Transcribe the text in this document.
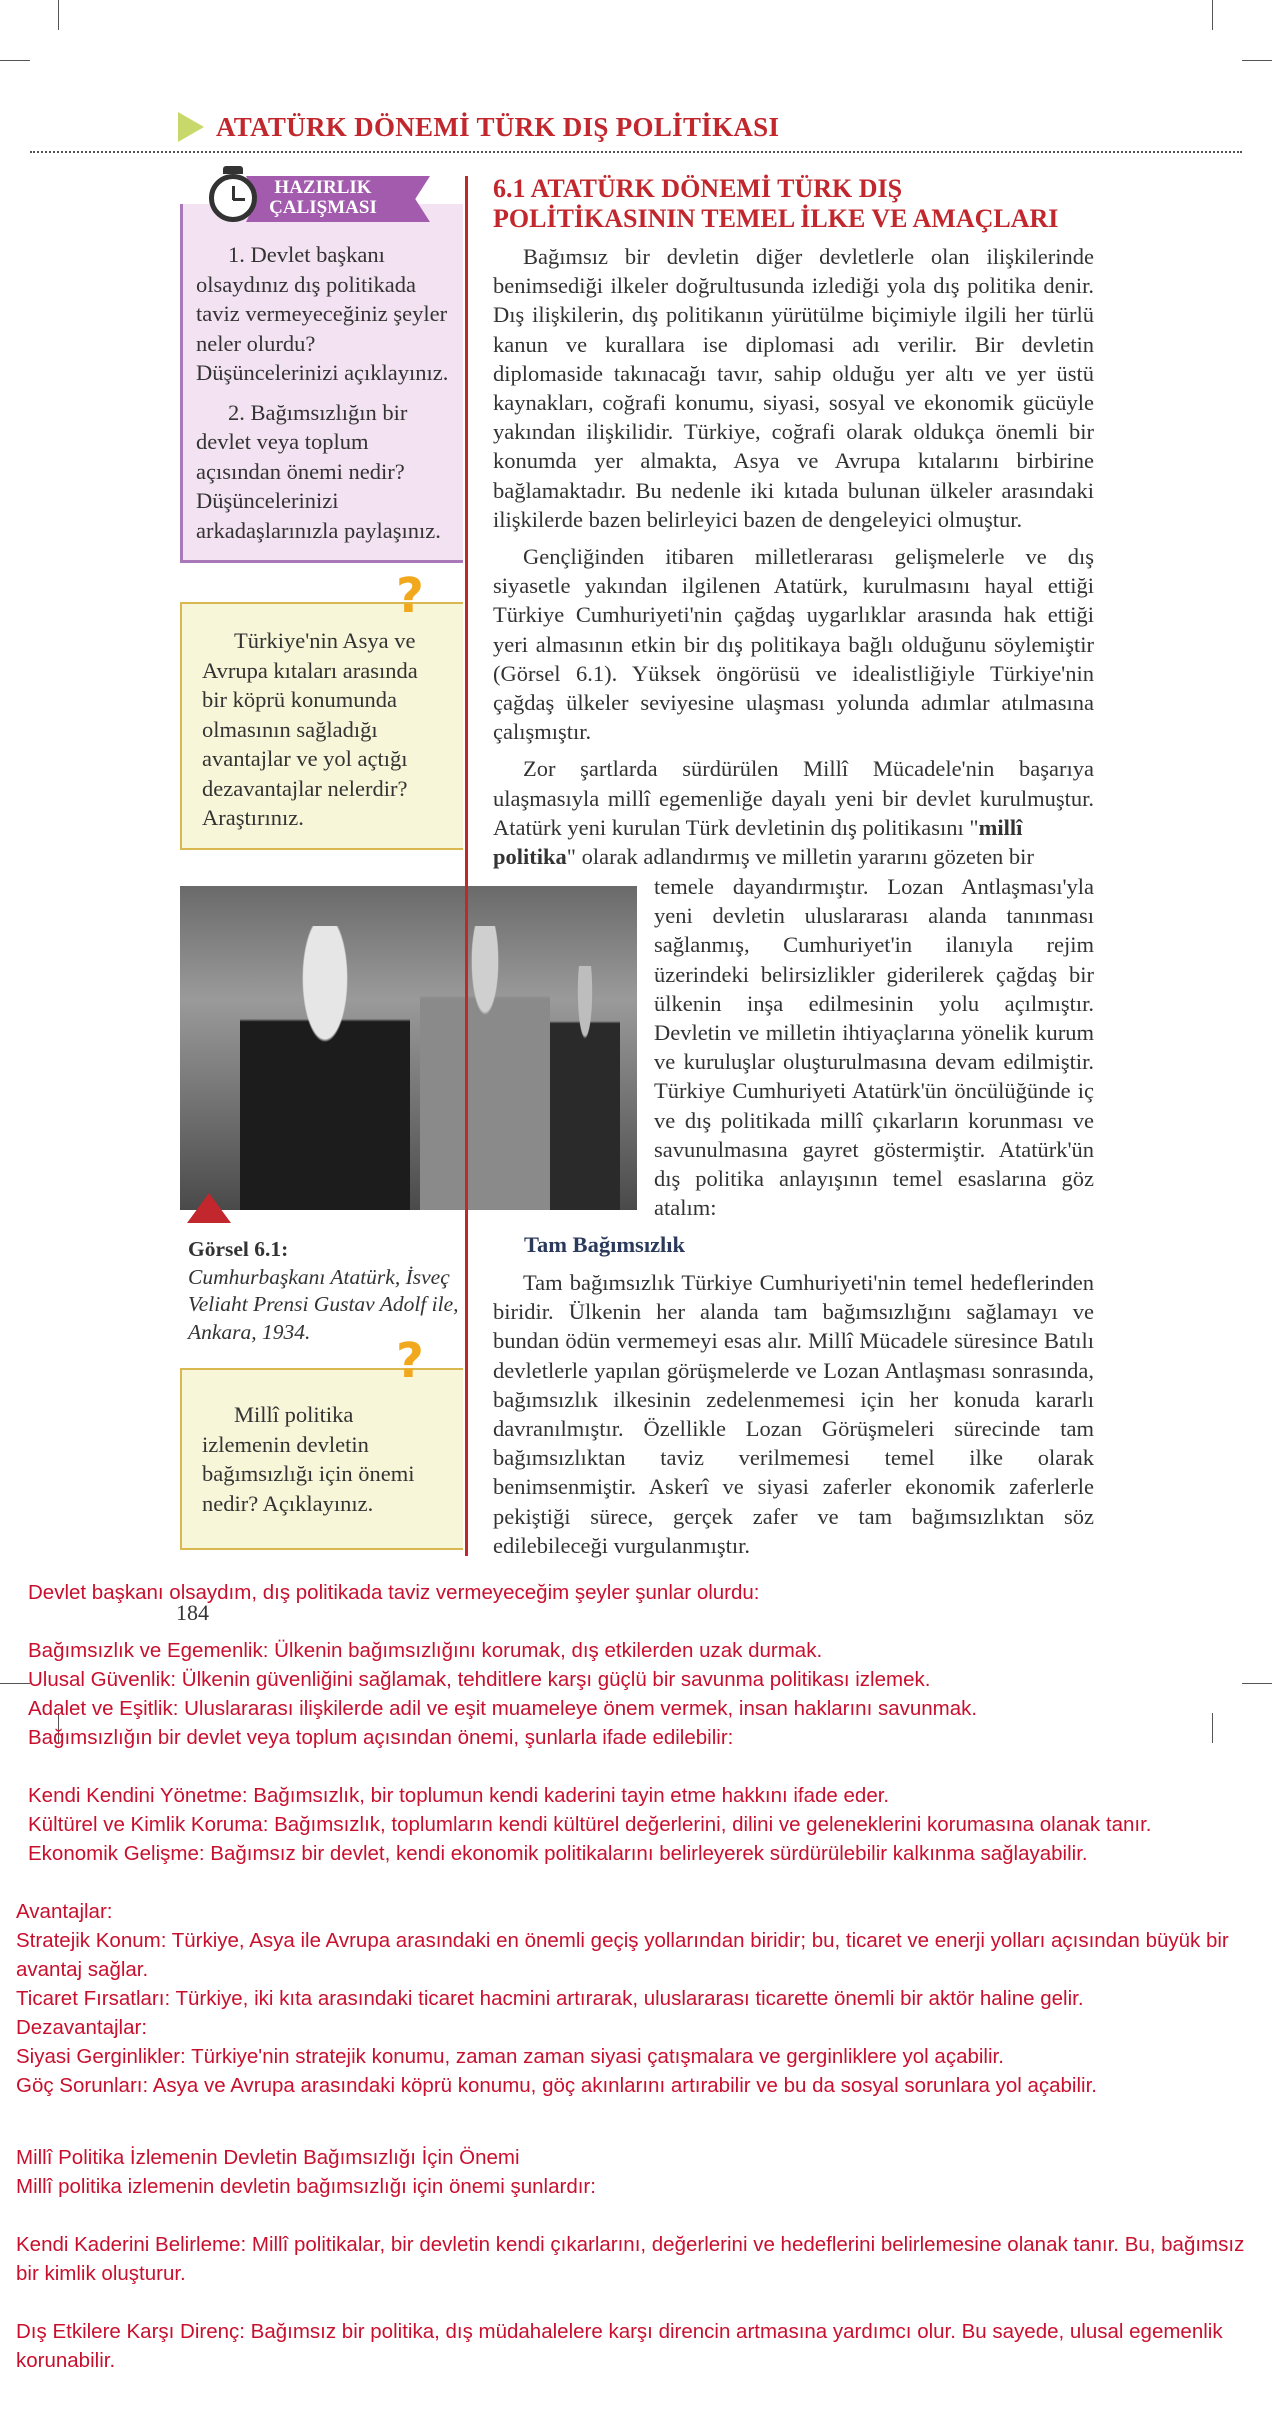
ATATÜRK DÖNEMİ TÜRK DIŞ POLİTİKASI

1. Devlet başkanı olsaydınız dış politikada taviz vermeyeceğiniz şeyler neler olurdu? Düşüncelerinizi açıklayınız.

2. Bağımsızlığın bir devlet veya toplum açısından önemi nedir? Düşüncelerinizi arkadaşlarınızla paylaşınız.

HAZIRLIK ÇALIŞMASI

Türkiye'nin Asya ve Avrupa kıtaları arasında bir köprü konumunda olmasının sağladığı avantajlar ve yol açtığı dezavantajlar nelerdir? Araştırınız.

?
Görsel 6.1:
Cumhurbaşkanı Atatürk, İsveç Veliaht Prensi Gustav Adolf ile, Ankara, 1934.

Millî politika izlemenin devletin bağımsızlığı için önemi nedir? Açıklayınız.

?
6.1 ATATÜRK DÖNEMİ TÜRK DIŞ
POLİTİKASININ TEMEL İLKE VE AMAÇLARI

Bağımsız bir devletin diğer devletlerle olan ilişkilerinde benimsediği ilkeler doğrultusunda izlediği yola dış politika denir. Dış ilişkilerin, dış politikanın yürütülme biçimiyle ilgili her türlü kanun ve kurallara ise diplomasi adı verilir. Bir devletin diplomaside takınacağı tavır, sahip olduğu yer altı ve yer üstü kaynakları, coğrafi konumu, siyasi, sosyal ve ekonomik gücüyle yakından ilişkilidir. Türkiye, coğrafi olarak oldukça önemli bir konumda yer almakta, Asya ve Avrupa kıtalarını birbirine bağlamaktadır. Bu nedenle iki kıtada bulunan ülkeler arasındaki ilişkilerde bazen belirleyici bazen de dengeleyici olmuştur.

Gençliğinden itibaren milletlerarası gelişmelerle ve dış siyasetle yakından ilgilenen Atatürk, kurulmasını hayal ettiği Türkiye Cumhuriyeti'nin çağdaş uygarlıklar arasında hak ettiği yeri almasının etkin bir dış politikaya bağlı olduğunu söylemiştir (Görsel 6.1). Yüksek öngörüsü ve idealistliğiyle Türkiye'nin çağdaş ülkeler seviyesine ulaşması yolunda adımlar atılmasına çalışmıştır.

Zor şartlarda sürdürülen Millî Mücadele'nin başarıya ulaşmasıyla millî egemenliğe dayalı yeni bir devlet kurulmuştur. Atatürk yeni kurulan Türk devletinin dış politikasını "millî
politika" olarak adlandırmış ve milletin yararını gözeten bir

temele dayandırmıştır. Lozan Antlaşması'yla yeni devletin uluslararası alanda tanınması sağlanmış, Cumhuriyet'in ilanıyla rejim üzerindeki belirsizlikler giderilerek çağdaş bir ülkenin inşa edilmesinin yolu açılmıştır. Devletin ve milletin ihtiyaçlarına yönelik kurum ve kuruluşlar oluşturulmasına devam edilmiştir. Türkiye Cumhuriyeti Atatürk'ün öncülüğünde iç ve dış politikada millî çıkarların korunması ve savunulmasına gayret göstermiştir. Atatürk'ün dış politika anlayışının temel esaslarına göz atalım:
Tam Bağımsızlık

Tam bağımsızlık Türkiye Cumhuriyeti'nin temel hedeflerinden biridir. Ülkenin her alanda tam bağımsızlığını sağlamayı ve bundan ödün vermemeyi esas alır. Millî Mücadele süresince Batılı devletlerle yapılan görüşmelerde ve Lozan Antlaşması sonrasında, bağımsızlık ilkesinin zedelenmemesi için her konuda kararlı davranılmıştır. Özellikle Lozan Görüşmeleri sürecinde tam bağımsızlıktan taviz verilmemesi temel ilke olarak benimsenmiştir. Askerî ve siyasi zaferler ekonomik zaferlerle pekiştiği sürece, gerçek zafer ve tam bağımsızlıktan söz edilebileceği vurgulanmıştır.

184
Devlet başkanı olsaydım, dış politikada taviz vermeyeceğim şeyler şunlar olurdu:
Bağımsızlık ve Egemenlik: Ülkenin bağımsızlığını korumak, dış etkilerden uzak durmak.
Ulusal Güvenlik: Ülkenin güvenliğini sağlamak, tehditlere karşı güçlü bir savunma politikası izlemek.
Adalet ve Eşitlik: Uluslararası ilişkilerde adil ve eşit muameleye önem vermek, insan haklarını savunmak.
Bağımsızlığın bir devlet veya toplum açısından önemi, şunlarla ifade edilebilir:
Kendi Kendini Yönetme: Bağımsızlık, bir toplumun kendi kaderini tayin etme hakkını ifade eder.
Kültürel ve Kimlik Koruma: Bağımsızlık, toplumların kendi kültürel değerlerini, dilini ve geleneklerini korumasına olanak tanır.
Ekonomik Gelişme: Bağımsız bir devlet, kendi ekonomik politikalarını belirleyerek sürdürülebilir kalkınma sağlayabilir.
Avantajlar:
Stratejik Konum: Türkiye, Asya ile Avrupa arasındaki en önemli geçiş yollarından biridir; bu, ticaret ve enerji yolları açısından büyük bir avantaj sağlar.
Ticaret Fırsatları: Türkiye, iki kıta arasındaki ticaret hacmini artırarak, uluslararası ticarette önemli bir aktör haline gelir.
Dezavantajlar:
Siyasi Gerginlikler: Türkiye'nin stratejik konumu, zaman zaman siyasi çatışmalara ve gerginliklere yol açabilir.
Göç Sorunları: Asya ve Avrupa arasındaki köprü konumu, göç akınlarını artırabilir ve bu da sosyal sorunlara yol açabilir.
Millî Politika İzlemenin Devletin Bağımsızlığı İçin Önemi
Millî politika izlemenin devletin bağımsızlığı için önemi şunlardır:
Kendi Kaderini Belirleme: Millî politikalar, bir devletin kendi çıkarlarını, değerlerini ve hedeflerini belirlemesine olanak tanır. Bu, bağımsız bir kimlik oluşturur.
Dış Etkilere Karşı Direnç: Bağımsız bir politika, dış müdahalelere karşı direncin artmasına yardımcı olur. Bu sayede, ulusal egemenlik korunabilir.
